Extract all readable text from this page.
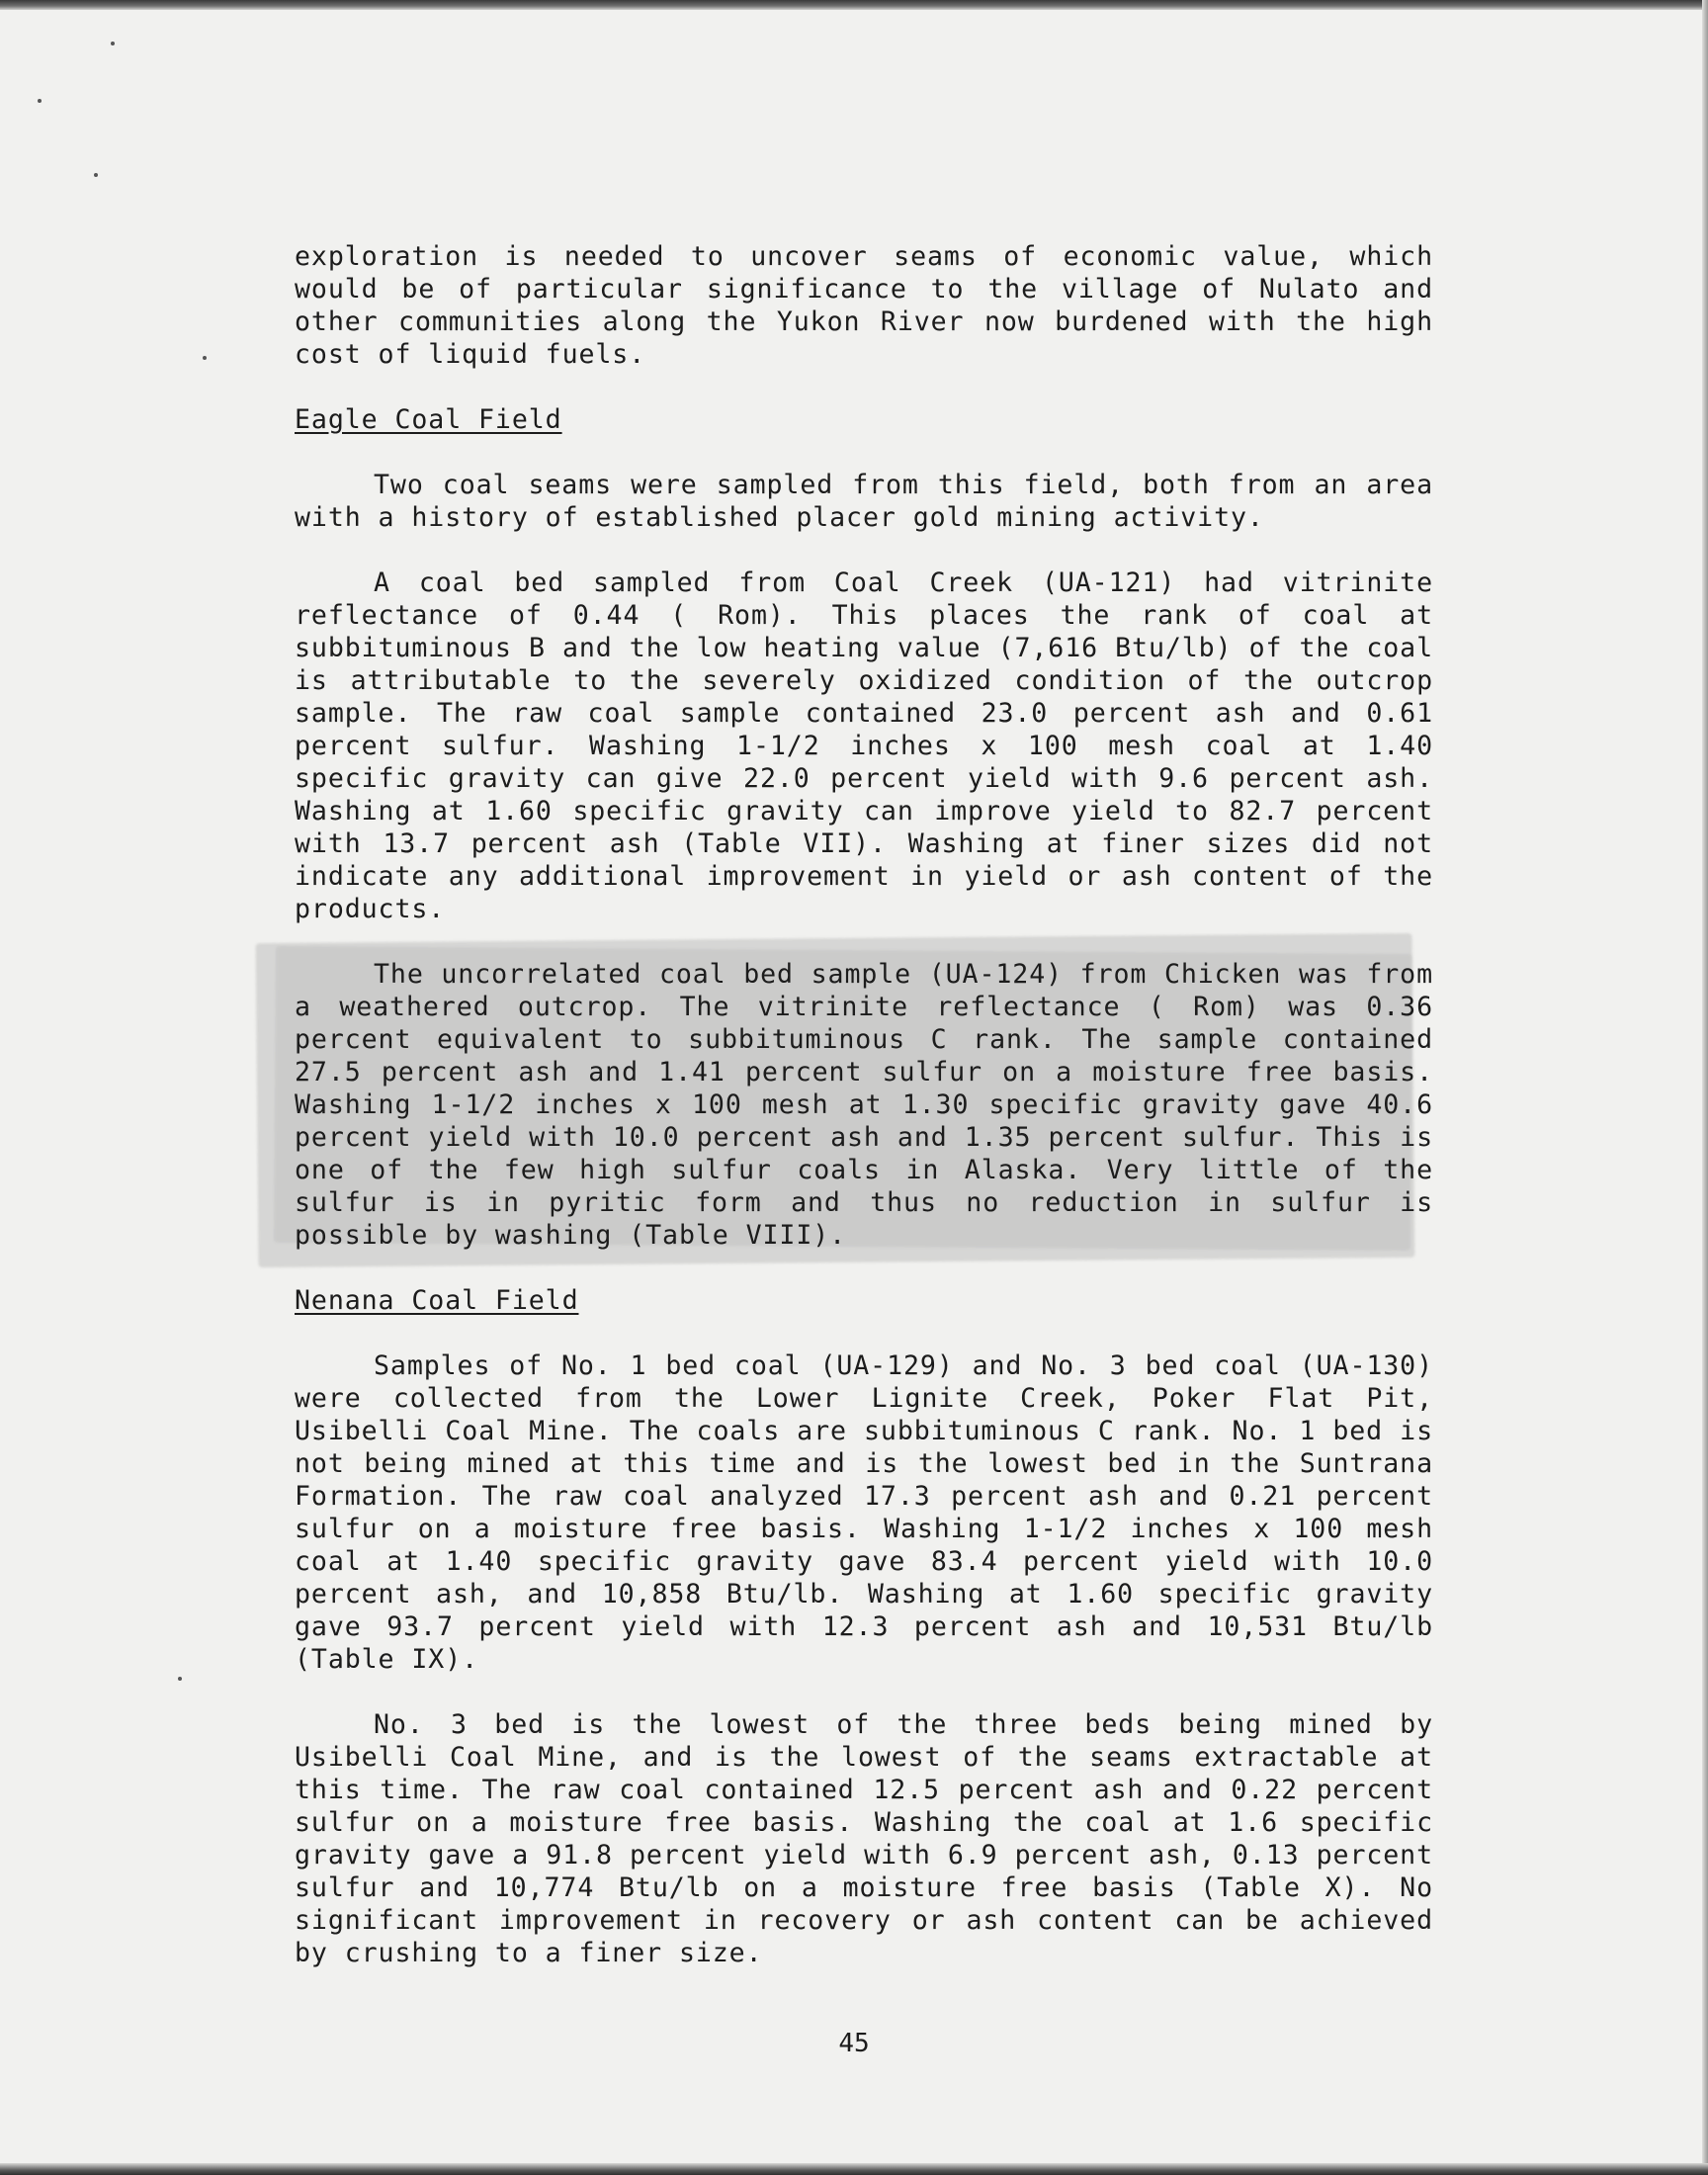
exploration is needed to uncover seams of economic value, which would be of particular significance to the village of Nulato and other communities along the Yukon River now burdened with the high cost of liquid fuels.

Eagle Coal Field

Two coal seams were sampled from this field, both from an area with a history of established placer gold mining activity.

A coal bed sampled from Coal Creek (UA-121) had vitrinite reflectance of 0.44 ( Rom). This places the rank of coal at subbituminous B and the low heating value (7,616 Btu/lb) of the coal is attributable to the severely oxidized condition of the outcrop sample. The raw coal sample contained 23.0 percent ash and 0.61 percent sulfur. Washing 1-1/2 inches x 100 mesh coal at 1.40 specific gravity can give 22.0 percent yield with 9.6 percent ash. Washing at 1.60 specific gravity can improve yield to 82.7 percent with 13.7 percent ash (Table VII). Washing at finer sizes did not indicate any additional improvement in yield or ash content of the products.

The uncorrelated coal bed sample (UA-124) from Chicken was from a weathered outcrop. The vitrinite reflectance ( Rom) was 0.36 percent equivalent to subbituminous C rank. The sample contained 27.5 percent ash and 1.41 percent sulfur on a moisture free basis. Washing 1-1/2 inches x 100 mesh at 1.30 specific gravity gave 40.6 percent yield with 10.0 percent ash and 1.35 percent sulfur. This is one of the few high sulfur coals in Alaska. Very little of the sulfur is in pyritic form and thus no reduction in sulfur is possible by washing (Table VIII).

Nenana Coal Field

Samples of No. 1 bed coal (UA-129) and No. 3 bed coal (UA-130) were collected from the Lower Lignite Creek, Poker Flat Pit, Usibelli Coal Mine. The coals are subbituminous C rank. No. 1 bed is not being mined at this time and is the lowest bed in the Suntrana Formation. The raw coal analyzed 17.3 percent ash and 0.21 percent sulfur on a moisture free basis. Washing 1-1/2 inches x 100 mesh coal at 1.40 specific gravity gave 83.4 percent yield with 10.0 percent ash, and 10,858 Btu/lb. Washing at 1.60 specific gravity gave 93.7 percent yield with 12.3 percent ash and 10,531 Btu/lb (Table IX).

No. 3 bed is the lowest of the three beds being mined by Usibelli Coal Mine, and is the lowest of the seams extractable at this time. The raw coal contained 12.5 percent ash and 0.22 percent sulfur on a moisture free basis. Washing the coal at 1.6 specific gravity gave a 91.8 percent yield with 6.9 percent ash, 0.13 percent sulfur and 10,774 Btu/lb on a moisture free basis (Table X). No significant improvement in recovery or ash content can be achieved by crushing to a finer size.

45
